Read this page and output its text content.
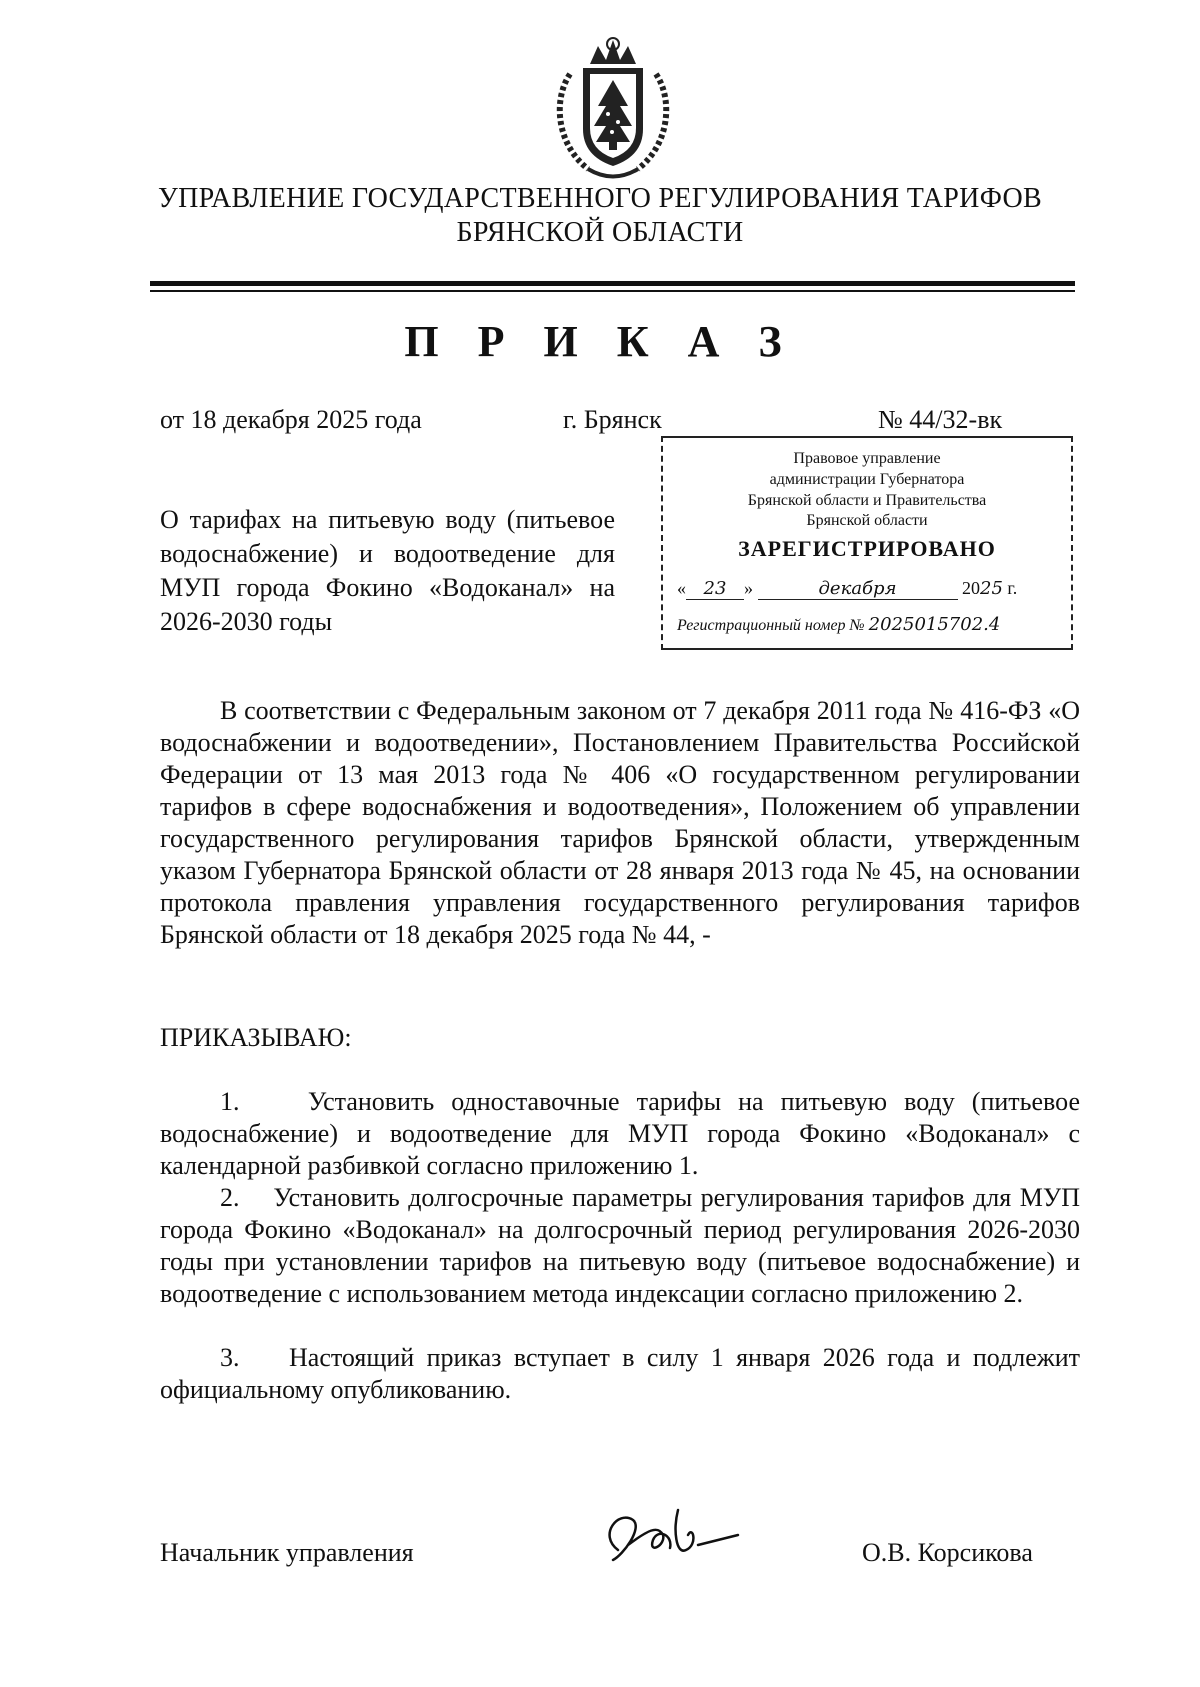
УПРАВЛЕНИЕ ГОСУДАРСТВЕННОГО РЕГУЛИРОВАНИЯ ТАРИФОВ
БРЯНСКОЙ ОБЛАСТИ
П Р И К А З
от 18 декабря 2025 года	г. Брянск	№ 44/32-вк
Правовое управление
администрации Губернатора
Брянской области и Правительства
Брянской области
ЗАРЕГИСТРИРОВАНО
« 23 »	декабря	2025 г.
Регистрационный номер № 2025015702.4
О тарифах на питьевую воду (питьевое водоснабжение) и водоотведение для МУП города Фокино «Водоканал» на 2026-2030 годы
В соответствии с Федеральным законом от 7 декабря 2011 года № 416-ФЗ «О водоснабжении и водоотведении», Постановлением Правительства Российской Федерации от 13 мая 2013 года № 406 «О государственном регулировании тарифов в сфере водоснабжения и водоотведения», Положением об управлении государственного регулирования тарифов Брянской области, утвержденным указом Губернатора Брянской области от 28 января 2013 года № 45, на основании протокола правления управления государственного регулирования тарифов Брянской области от 18 декабря 2025 года № 44, -
ПРИКАЗЫВАЮ:
1.    Установить одноставочные тарифы на питьевую воду (питьевое водоснабжение) и водоотведение для МУП города Фокино «Водоканал» с календарной разбивкой согласно приложению 1.
2.    Установить долгосрочные параметры регулирования тарифов для МУП города Фокино «Водоканал» на долгосрочный период регулирования 2026-2030 годы при установлении тарифов на питьевую воду (питьевое водоснабжение) и водоотведение с использованием метода индексации согласно приложению 2.
3.    Настоящий приказ вступает в силу 1 января 2026 года и подлежит официальному опубликованию.
Начальник управления	О.В. Корсикова
